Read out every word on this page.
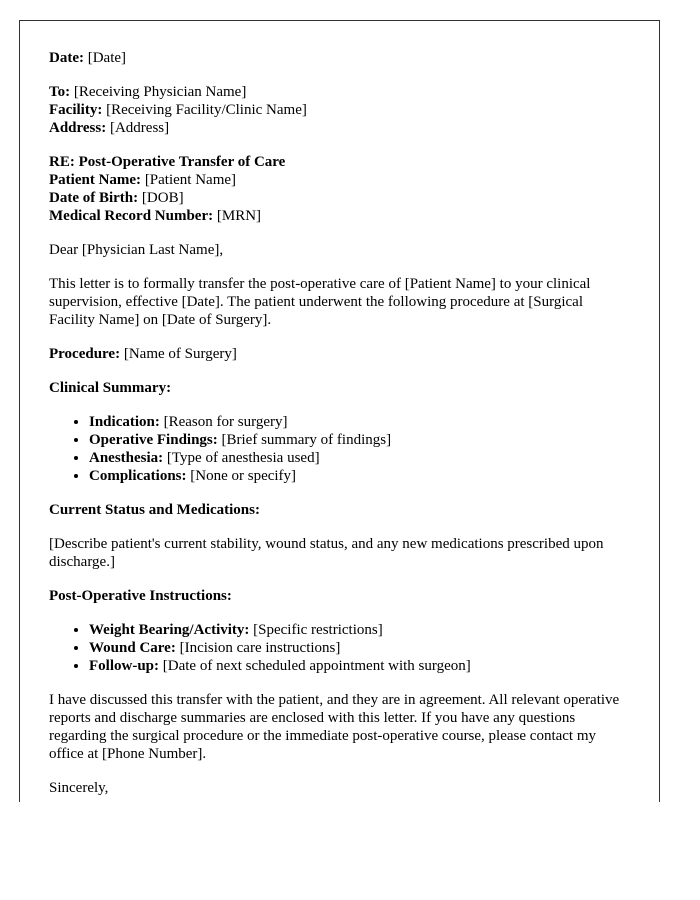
Date: [Date]

To: [Receiving Physician Name]
Facility: [Receiving Facility/Clinic Name]
Address: [Address]

RE: Post-Operative Transfer of Care
Patient Name: [Patient Name]
Date of Birth: [DOB]
Medical Record Number: [MRN]

Dear [Physician Last Name],

This letter is to formally transfer the post-operative care of [Patient Name] to your clinical supervision, effective [Date]. The patient underwent the following procedure at [Surgical Facility Name] on [Date of Surgery].

Procedure: [Name of Surgery]

Clinical Summary:

• Indication: [Reason for surgery]
• Operative Findings: [Brief summary of findings]
• Anesthesia: [Type of anesthesia used]
• Complications: [None or specify]

Current Status and Medications:

[Describe patient's current stability, wound status, and any new medications prescribed upon discharge.]

Post-Operative Instructions:

• Weight Bearing/Activity: [Specific restrictions]
• Wound Care: [Incision care instructions]
• Follow-up: [Date of next scheduled appointment with surgeon]

I have discussed this transfer with the patient, and they are in agreement. All relevant operative reports and discharge summaries are enclosed with this letter. If you have any questions regarding the surgical procedure or the immediate post-operative course, please contact my office at [Phone Number].

Sincerely,
